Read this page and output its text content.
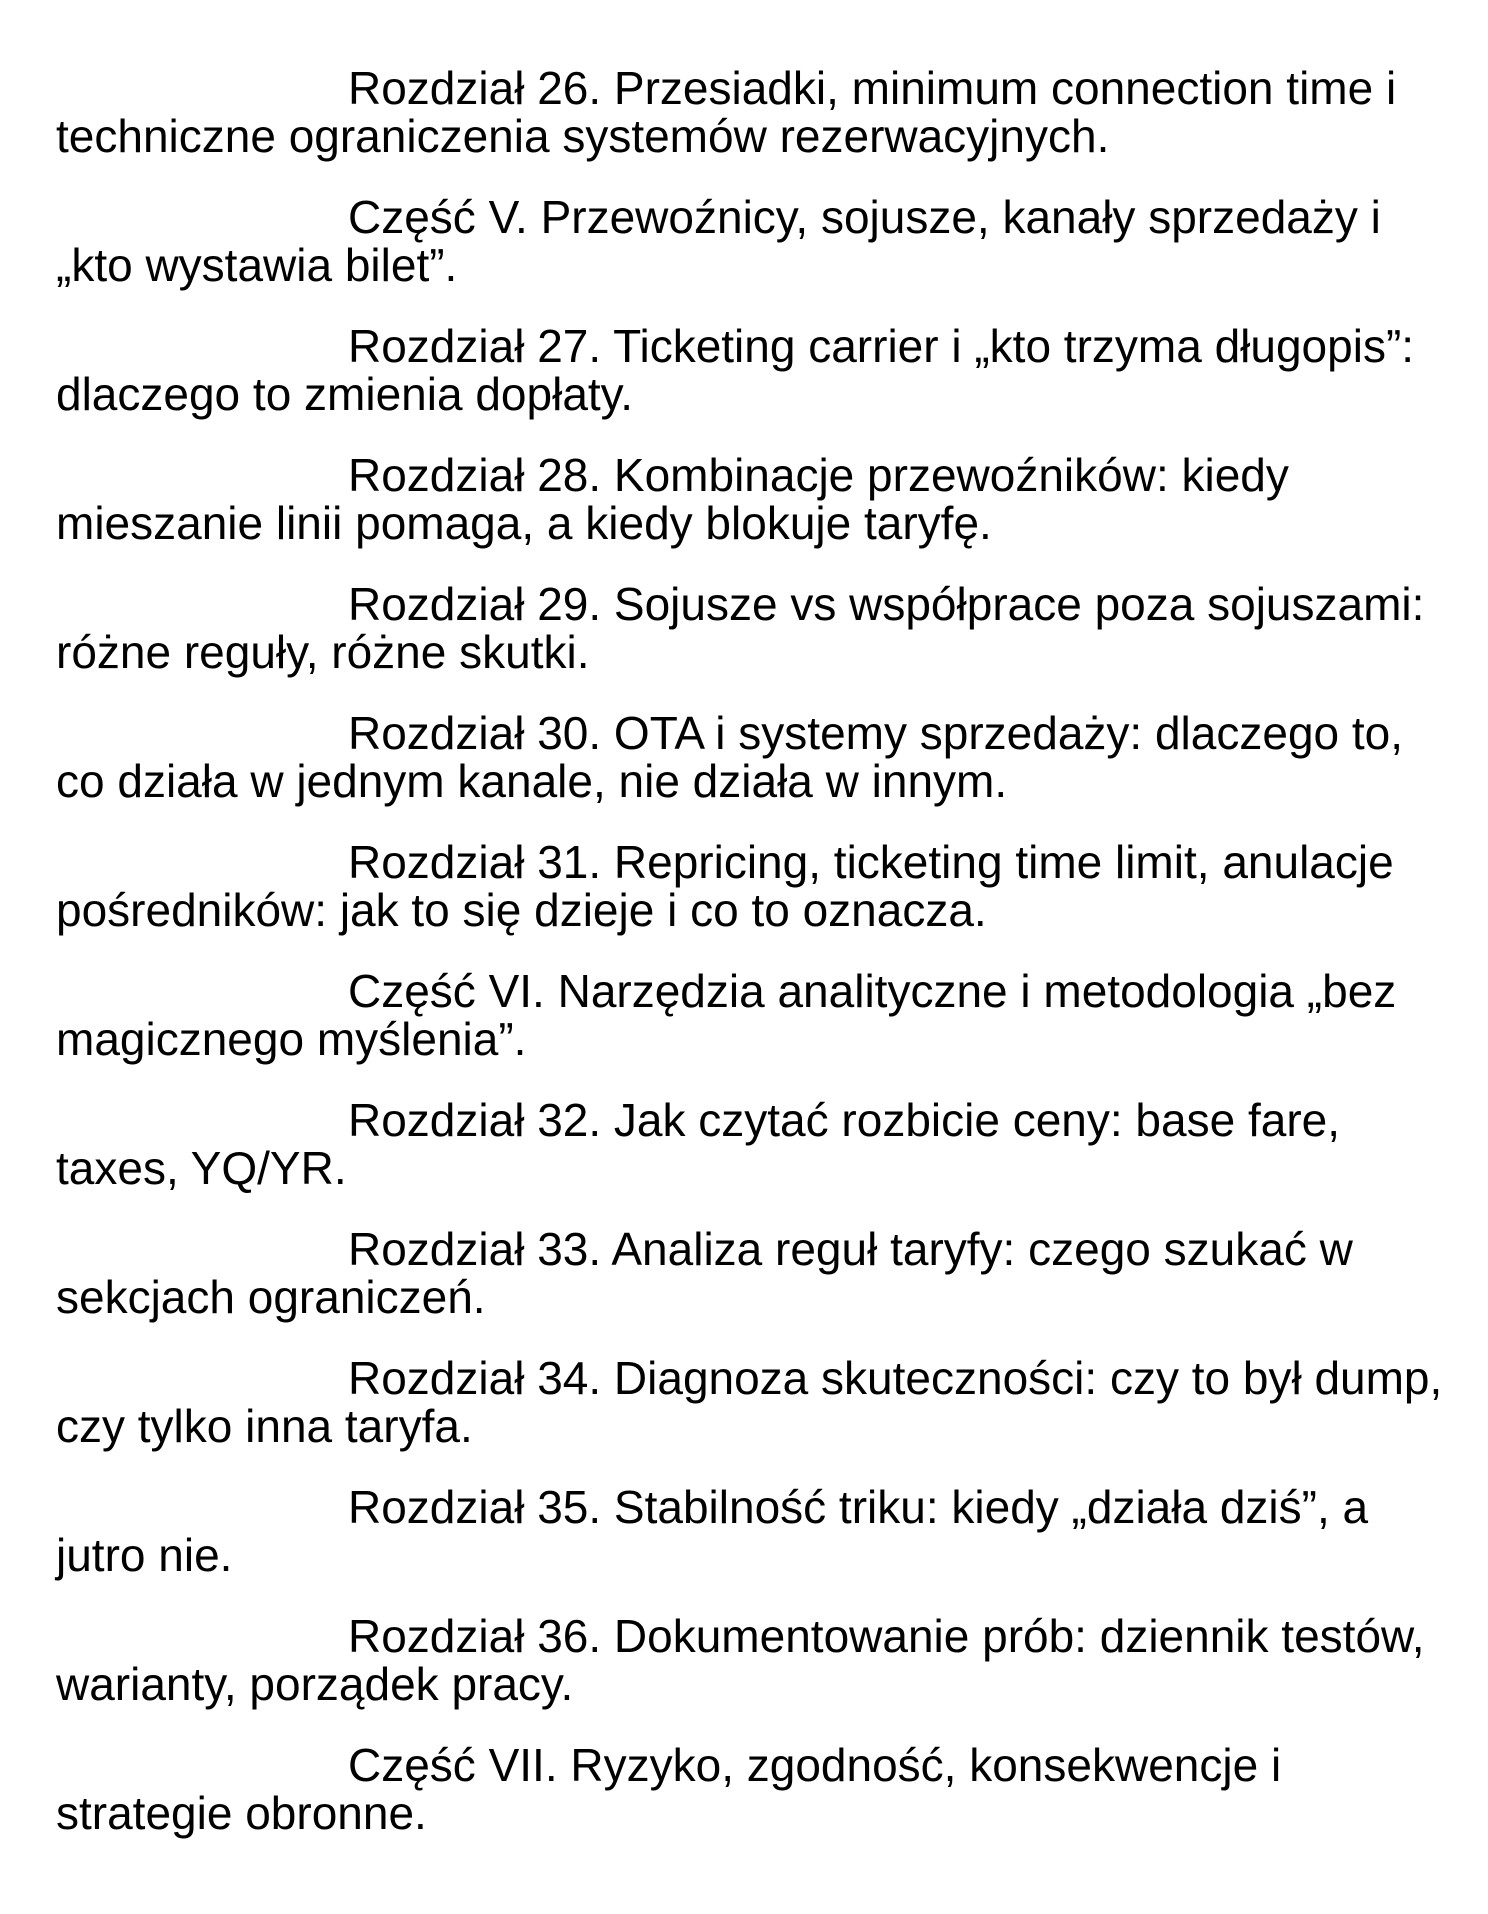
Rozdział 26. Przesiadki, minimum connection time i techniczne ograniczenia systemów rezerwacyjnych.

Część V. Przewoźnicy, sojusze, kanały sprzedaży i „kto wystawia bilet”.

Rozdział 27. Ticketing carrier i „kto trzyma długopis”: dlaczego to zmienia dopłaty.

Rozdział 28. Kombinacje przewoźników: kiedy mieszanie linii pomaga, a kiedy blokuje taryfę.

Rozdział 29. Sojusze vs współprace poza sojuszami: różne reguły, różne skutki.

Rozdział 30. OTA i systemy sprzedaży: dlaczego to, co działa w jednym kanale, nie działa w innym.

Rozdział 31. Repricing, ticketing time limit, anulacje pośredników: jak to się dzieje i co to oznacza.

Część VI. Narzędzia analityczne i metodologia „bez magicznego myślenia”.

Rozdział 32. Jak czytać rozbicie ceny: base fare, taxes, YQ/YR.

Rozdział 33. Analiza reguł taryfy: czego szukać w sekcjach ograniczeń.

Rozdział 34. Diagnoza skuteczności: czy to był dump, czy tylko inna taryfa.

Rozdział 35. Stabilność triku: kiedy „działa dziś”, a jutro nie.

Rozdział 36. Dokumentowanie prób: dziennik testów, warianty, porządek pracy.

Część VII. Ryzyko, zgodność, konsekwencje i strategie obronne.
